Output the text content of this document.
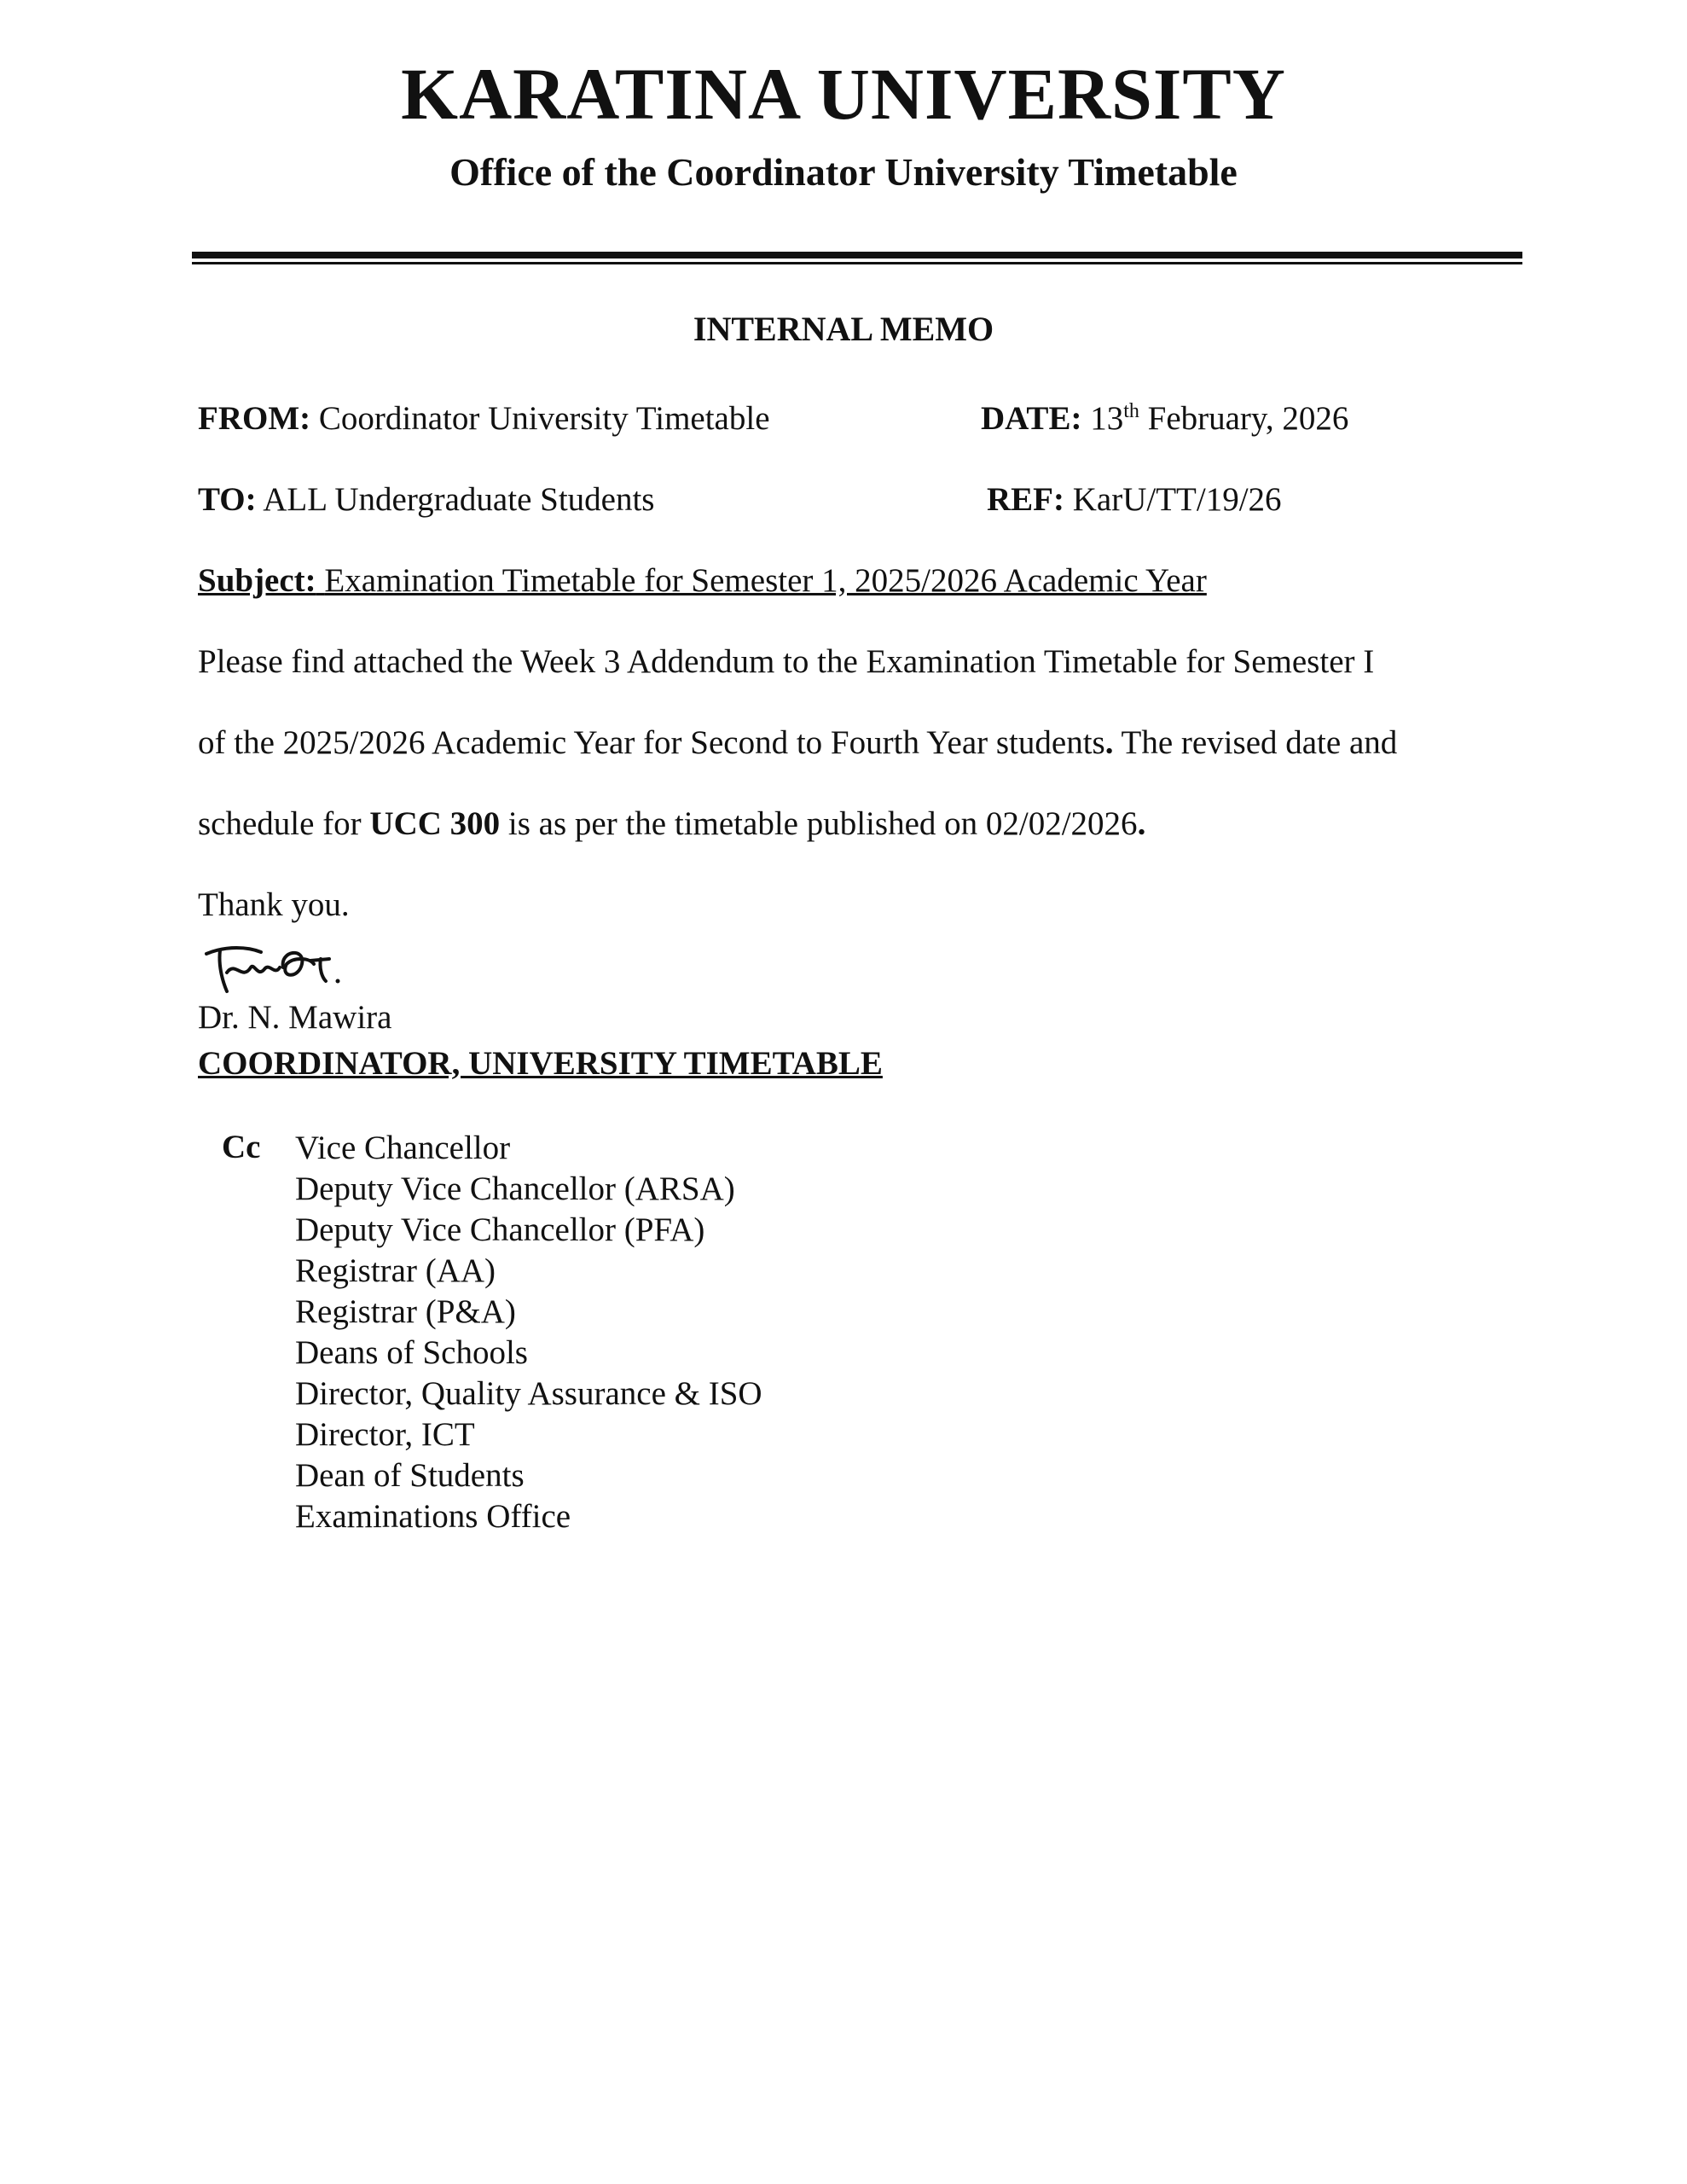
KARATINA UNIVERSITY
Office of the Coordinator University Timetable
INTERNAL MEMO
FROM: Coordinator University Timetable	DATE: 13th February, 2026
TO: ALL Undergraduate Students	REF: KarU/TT/19/26
Subject: Examination Timetable for Semester 1, 2025/2026 Academic Year
Please find attached the Week 3 Addendum to the Examination Timetable for Semester I
of the 2025/2026 Academic Year for Second to Fourth Year students. The revised date and
schedule for UCC 300 is as per the timetable published on 02/02/2026.
Thank you.
Dr. N. Mawira
COORDINATOR, UNIVERSITY TIMETABLE
Cc Vice Chancellor
Deputy Vice Chancellor (ARSA)
Deputy Vice Chancellor (PFA)
Registrar (AA)
Registrar (P&A)
Deans of Schools
Director, Quality Assurance & ISO
Director, ICT
Dean of Students
Examinations Office
